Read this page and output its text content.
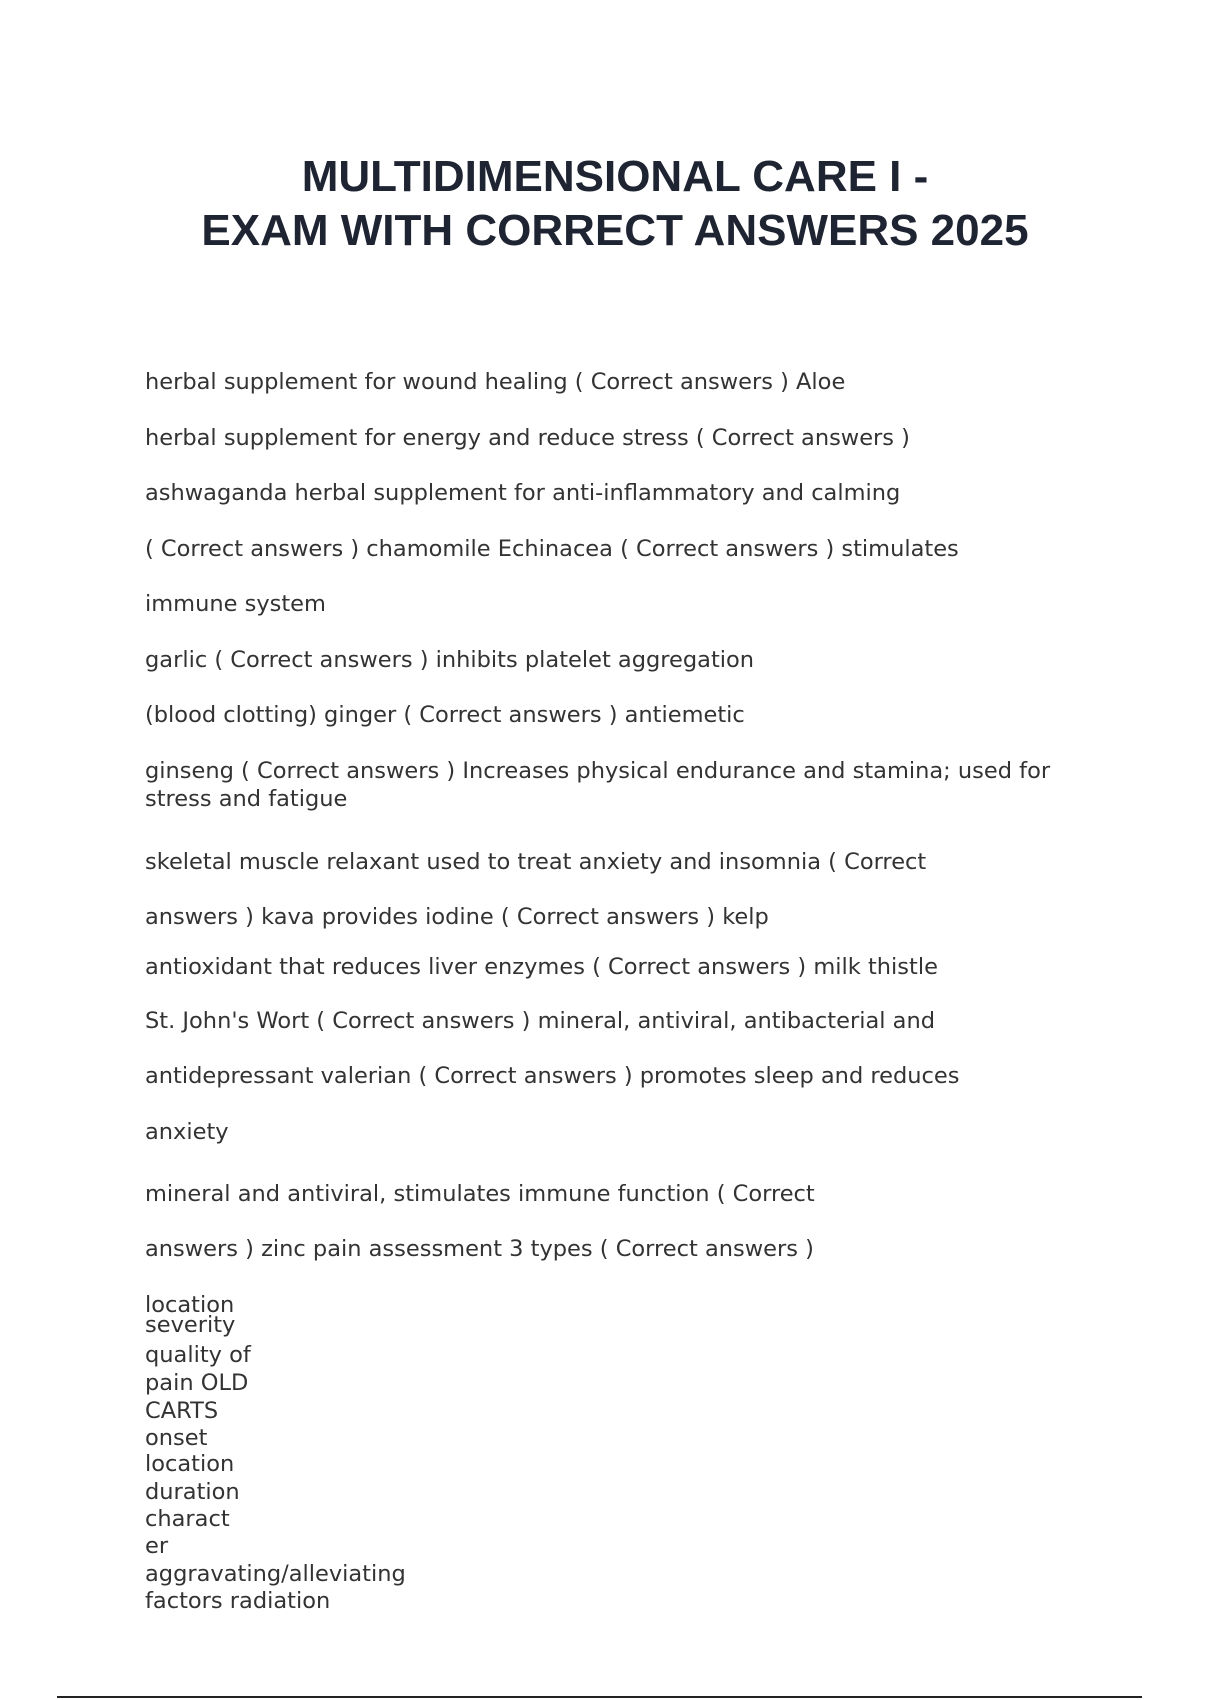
MULTIDIMENSIONAL CARE I -
EXAM WITH CORRECT ANSWERS 2025

herbal supplement for wound healing ( Correct answers ) Aloe

herbal supplement for energy and reduce stress ( Correct answers )

ashwaganda herbal supplement for anti-inflammatory and calming

( Correct answers ) chamomile Echinacea ( Correct answers ) stimulates

immune system

garlic ( Correct answers ) inhibits platelet aggregation

(blood clotting) ginger ( Correct answers ) antiemetic

ginseng ( Correct answers ) Increases physical endurance and stamina; used for stress and fatigue

skeletal muscle relaxant used to treat anxiety and insomnia ( Correct

answers ) kava provides iodine ( Correct answers ) kelp

antioxidant that reduces liver enzymes ( Correct answers ) milk thistle

St. John's Wort ( Correct answers ) mineral, antiviral, antibacterial and

antidepressant valerian ( Correct answers ) promotes sleep and reduces

anxiety

mineral and antiviral, stimulates immune function ( Correct

answers ) zinc pain assessment 3 types ( Correct answers )

location

severity

quality of

pain OLD

CARTS

onset

location

duration

charact

er

aggravating/alleviating

factors radiation
